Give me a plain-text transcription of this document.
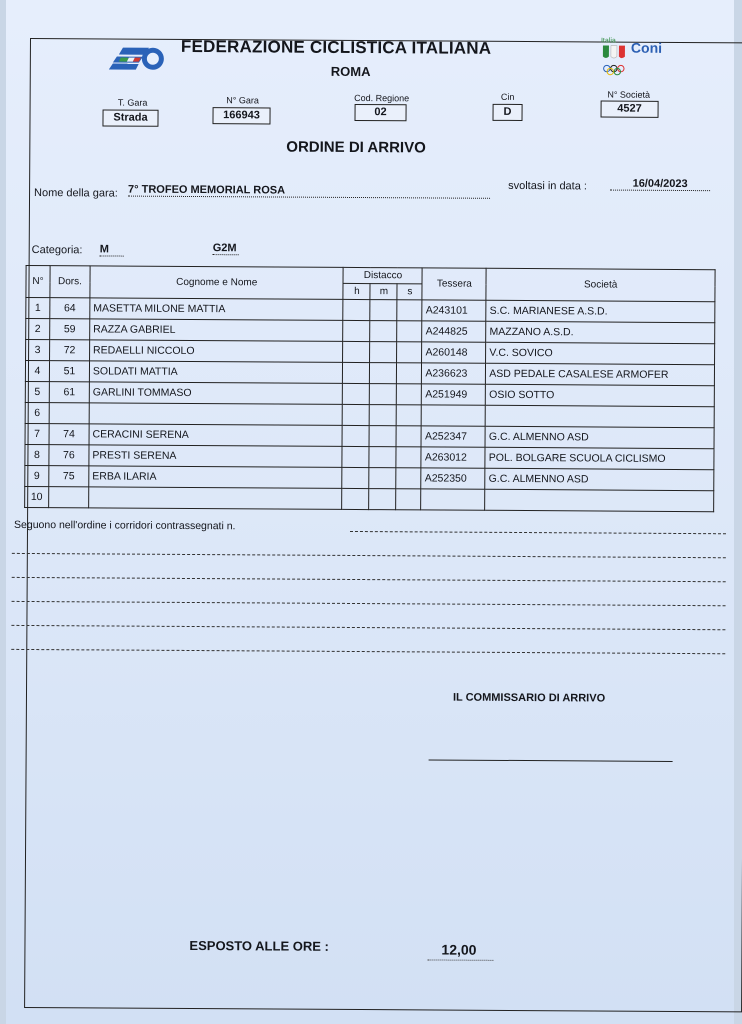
FEDERAZIONE CICLISTICA ITALIANA
ROMA
Italia Coni
T. Gara
Strada
N° Gara
166943
Cod. Regione
02
Cin
D
N° Società
4527
ORDINE DI ARRIVO
Nome della gara: 7° TROFEO MEMORIAL ROSA	svoltasi in data :	16/04/2023
Categoria: M	G2M
N°	Dors.	Cognome e Nome	Distacco			Tessera	Società
			h	m	s		
1	64	MASETTA MILONE MATTIA				A243101	S.C. MARIANESE A.S.D.
2	59	RAZZA GABRIEL				A244825	MAZZANO A.S.D.
3	72	REDAELLI NICCOLO				A260148	V.C. SOVICO
4	51	SOLDATI MATTIA				A236623	ASD PEDALE CASALESE ARMOFER
5	61	GARLINI TOMMASO				A251949	OSIO SOTTO
6							
7	74	CERACINI SERENA				A252347	G.C. ALMENNO ASD
8	76	PRESTI SERENA				A263012	POL. BOLGARE SCUOLA CICLISMO
9	75	ERBA ILARIA				A252350	G.C. ALMENNO ASD
10							
Seguono nell'ordine i corridori contrassegnati n.
IL COMMISSARIO DI ARRIVO
ESPOSTO ALLE ORE :	12,00
